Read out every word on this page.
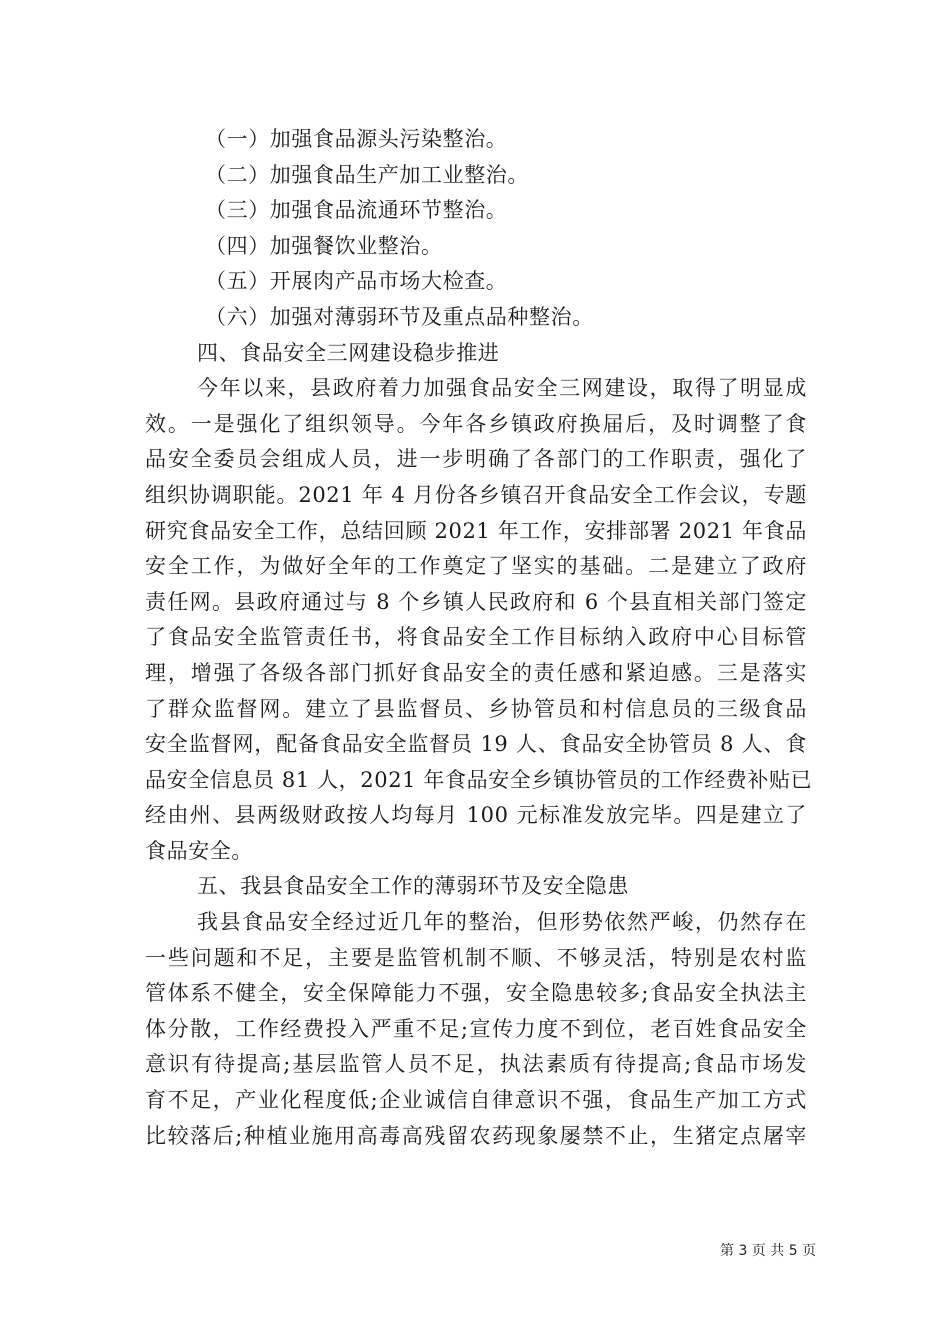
（一）加强食品源头污染整治。
（二）加强食品生产加工业整治。
（三）加强食品流通环节整治。
（四）加强餐饮业整治。
（五）开展肉产品市场大检查。
（六）加强对薄弱环节及重点品种整治。
四、食品安全三网建设稳步推进
今年以来，县政府着力加强食品安全三网建设，取得了明显成
效。一是强化了组织领导。今年各乡镇政府换届后，及时调整了食
品安全委员会组成人员，进一步明确了各部门的工作职责，强化了
组织协调职能。2021 年 4 月份各乡镇召开食品安全工作会议，专题
研究食品安全工作，总结回顾 2021 年工作，安排部署 2021 年食品
安全工作，为做好全年的工作奠定了坚实的基础。二是建立了政府
责任网。县政府通过与 8 个乡镇人民政府和 6 个县直相关部门签定
了食品安全监管责任书，将食品安全工作目标纳入政府中心目标管
理，增强了各级各部门抓好食品安全的责任感和紧迫感。三是落实
了群众监督网。建立了县监督员、乡协管员和村信息员的三级食品
安全监督网，配备食品安全监督员 19 人、食品安全协管员 8 人、食
品安全信息员 81 人，2021 年食品安全乡镇协管员的工作经费补贴已
经由州、县两级财政按人均每月 100 元标准发放完毕。四是建立了
食品安全。
五、我县食品安全工作的薄弱环节及安全隐患
我县食品安全经过近几年的整治，但形势依然严峻，仍然存在
一些问题和不足，主要是监管机制不顺、不够灵活，特别是农村监
管体系不健全，安全保障能力不强，安全隐患较多;食品安全执法主
体分散，工作经费投入严重不足;宣传力度不到位，老百姓食品安全
意识有待提高;基层监管人员不足，执法素质有待提高;食品市场发
育不足，产业化程度低;企业诚信自律意识不强，食品生产加工方式
比较落后;种植业施用高毒高残留农药现象屡禁不止，生猪定点屠宰
第 3 页 共 5 页
